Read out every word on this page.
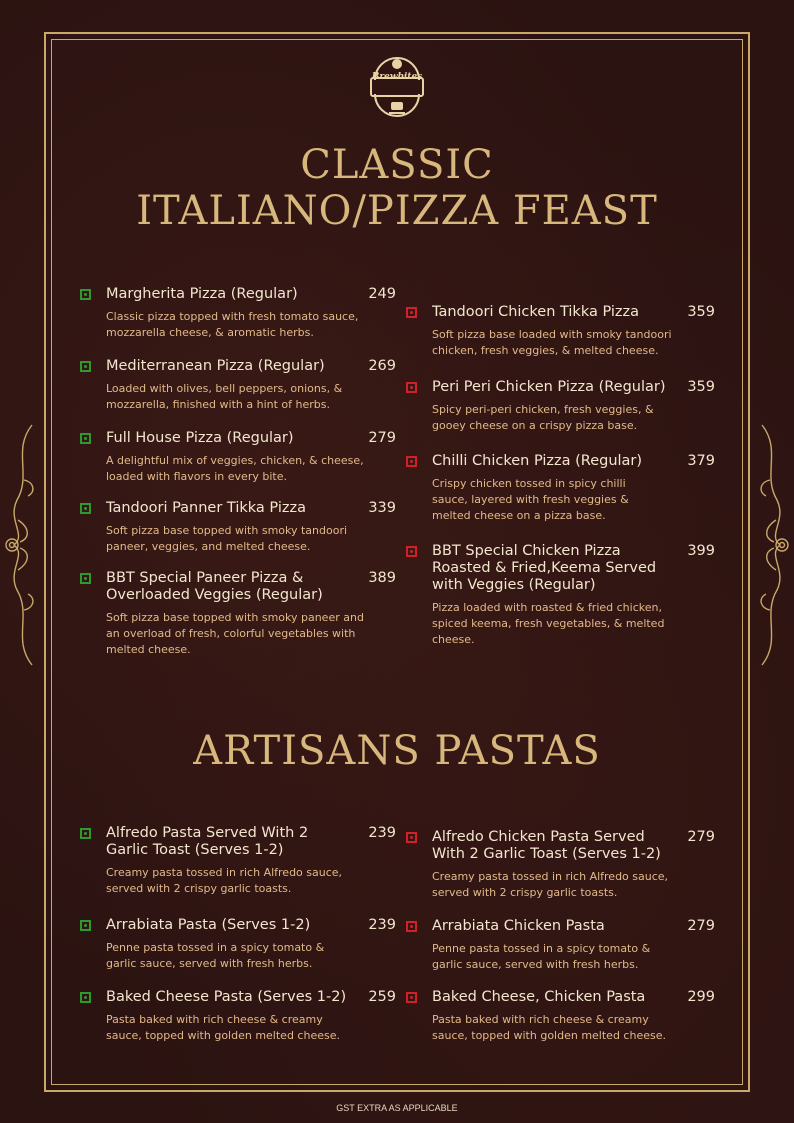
Brewbites
CLASSIC
ITALIANO/PIZZA FEAST
Margherita Pizza (Regular)	249
Classic pizza topped with fresh tomato sauce, mozzarella cheese, & aromatic herbs.
Mediterranean Pizza (Regular)	269
Loaded with olives, bell peppers, onions, & mozzarella, finished with a hint of herbs.
Full House Pizza (Regular)	279
A delightful mix of veggies, chicken, & cheese, loaded with flavors in every bite.
Tandoori Panner Tikka Pizza	339
Soft pizza base topped with smoky tandoori paneer, veggies, and melted cheese.
BBT Special Paneer Pizza & Overloaded Veggies (Regular)
389
Soft pizza base topped with smoky paneer and an overload of fresh, colorful vegetables with melted cheese.
Tandoori Chicken Tikka Pizza	359
Soft pizza base loaded with smoky tandoori chicken, fresh veggies, & melted cheese.
Peri Peri Chicken Pizza (Regular)	359
Spicy peri-peri chicken, fresh veggies, & gooey cheese on a crispy pizza base.
Chilli Chicken Pizza (Regular)	379
Crispy chicken tossed in spicy chilli sauce, layered with fresh veggies & melted cheese on a pizza base.
BBT Special Chicken Pizza Roasted & Fried,Keema Served with Veggies (Regular)
399
Pizza loaded with roasted & fried chicken, spiced keema, fresh vegetables, & melted cheese.
ARTISANS PASTAS
Alfredo Pasta Served With 2 Garlic Toast (Serves 1-2)
239
Creamy pasta tossed in rich Alfredo sauce, served with 2 crispy garlic toasts.
Arrabiata Pasta (Serves 1-2)	239
Penne pasta tossed in a spicy tomato & garlic sauce, served with fresh herbs.
Baked Cheese Pasta (Serves 1-2)	259
Pasta baked with rich cheese & creamy sauce, topped with golden melted cheese.
Alfredo Chicken Pasta Served With 2 Garlic Toast (Serves 1-2)
279
Creamy pasta tossed in rich Alfredo sauce, served with 2 crispy garlic toasts.
Arrabiata Chicken Pasta	279
Penne pasta tossed in a spicy tomato & garlic sauce, served with fresh herbs.
Baked Cheese, Chicken Pasta	299
Pasta baked with rich cheese & creamy sauce, topped with golden melted cheese.
GST EXTRA AS APPLICABLE
